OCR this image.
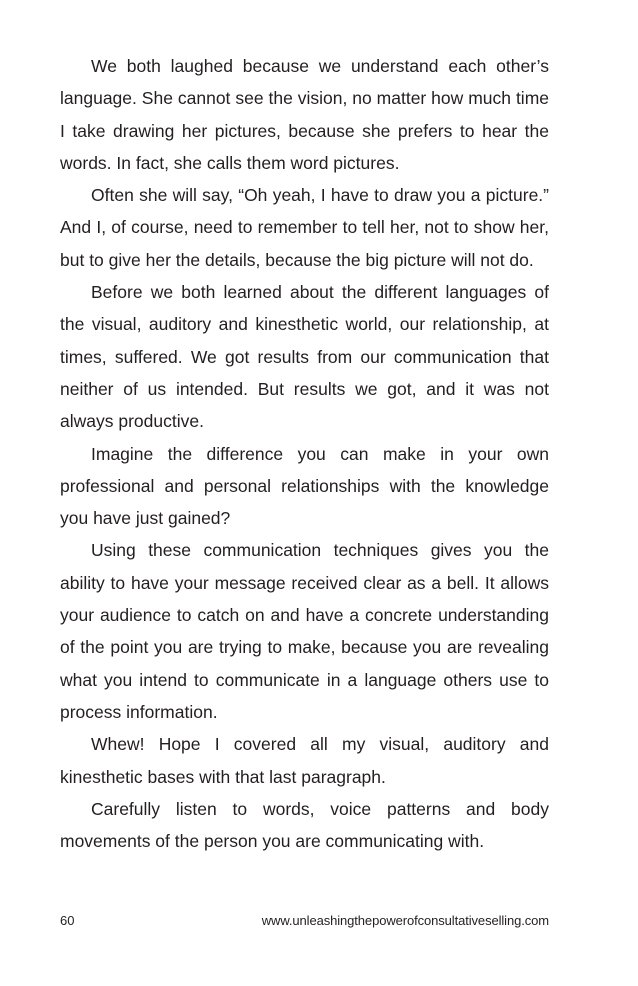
We both laughed because we understand each other’s language. She cannot see the vision, no matter how much time I take drawing her pictures, because she prefers to hear the words. In fact, she calls them word pictures.

Often she will say, “Oh yeah, I have to draw you a picture.” And I, of course, need to remember to tell her, not to show her, but to give her the details, because the big picture will not do.

Before we both learned about the different languages of the visual, auditory and kinesthetic world, our relationship, at times, suffered. We got results from our communication that neither of us intended. But results we got, and it was not always productive.

Imagine the difference you can make in your own professional and personal relationships with the knowledge you have just gained?

Using these communication techniques gives you the ability to have your message received clear as a bell. It allows your audience to catch on and have a concrete understanding of the point you are trying to make, because you are revealing what you intend to communicate in a language others use to process information.

Whew! Hope I covered all my visual, auditory and kinesthetic bases with that last paragraph.

Carefully listen to words, voice patterns and body movements of the person you are communicating with.

60	www.unleashingthepowerofconsultativeselling.com
